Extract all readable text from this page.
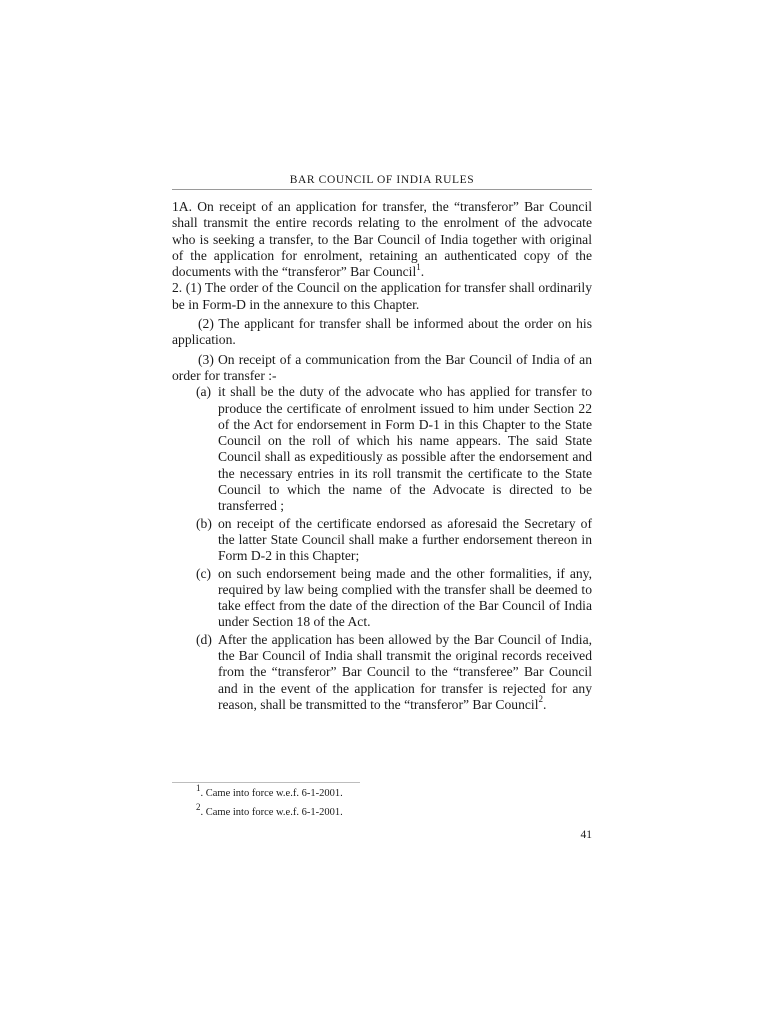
BAR COUNCIL OF INDIA RULES

1A. On receipt of an application for transfer, the “transferor” Bar Council shall transmit the entire records relating to the enrolment of the advocate who is seeking a transfer, to the Bar Council of India together with original of the application for enrolment, retaining an authenticated copy of the documents with the “transferor” Bar Council$^1$.

2. (1) The order of the Council on the application for transfer shall ordinarily be in Form-D in the annexure to this Chapter.

(2) The applicant for transfer shall be informed about the order on his application.

(3) On receipt of a communication from the Bar Council of India of an order for transfer :-

(a) it shall be the duty of the advocate who has applied for transfer to produce the certificate of enrolment issued to him under Section 22 of the Act for endorsement in Form D-1 in this Chapter to the State Council on the roll of which his name appears. The said State Council shall as expeditiously as possible after the endorsement and the necessary entries in its roll transmit the certificate to the State Council to which the name of the Advocate is directed to be transferred ;
(b) on receipt of the certificate endorsed as aforesaid the Secretary of the latter State Council shall make a further endorsement thereon in Form D-2 in this Chapter;
(c) on such endorsement being made and the other formalities, if any, required by law being complied with the transfer shall be deemed to take effect from the date of the direction of the Bar Council of India under Section 18 of the Act.
(d) After the application has been allowed by the Bar Council of India, the Bar Council of India shall transmit the original records received from the “transferor” Bar Council to the “transferee” Bar Council and in the event of the application for transfer is rejected for any reason, shall be transmitted to the “transferor” Bar Council$^2$.
$^1$. Came into force w.e.f. 6-1-2001.
$^2$. Came into force w.e.f. 6-1-2001.
41
